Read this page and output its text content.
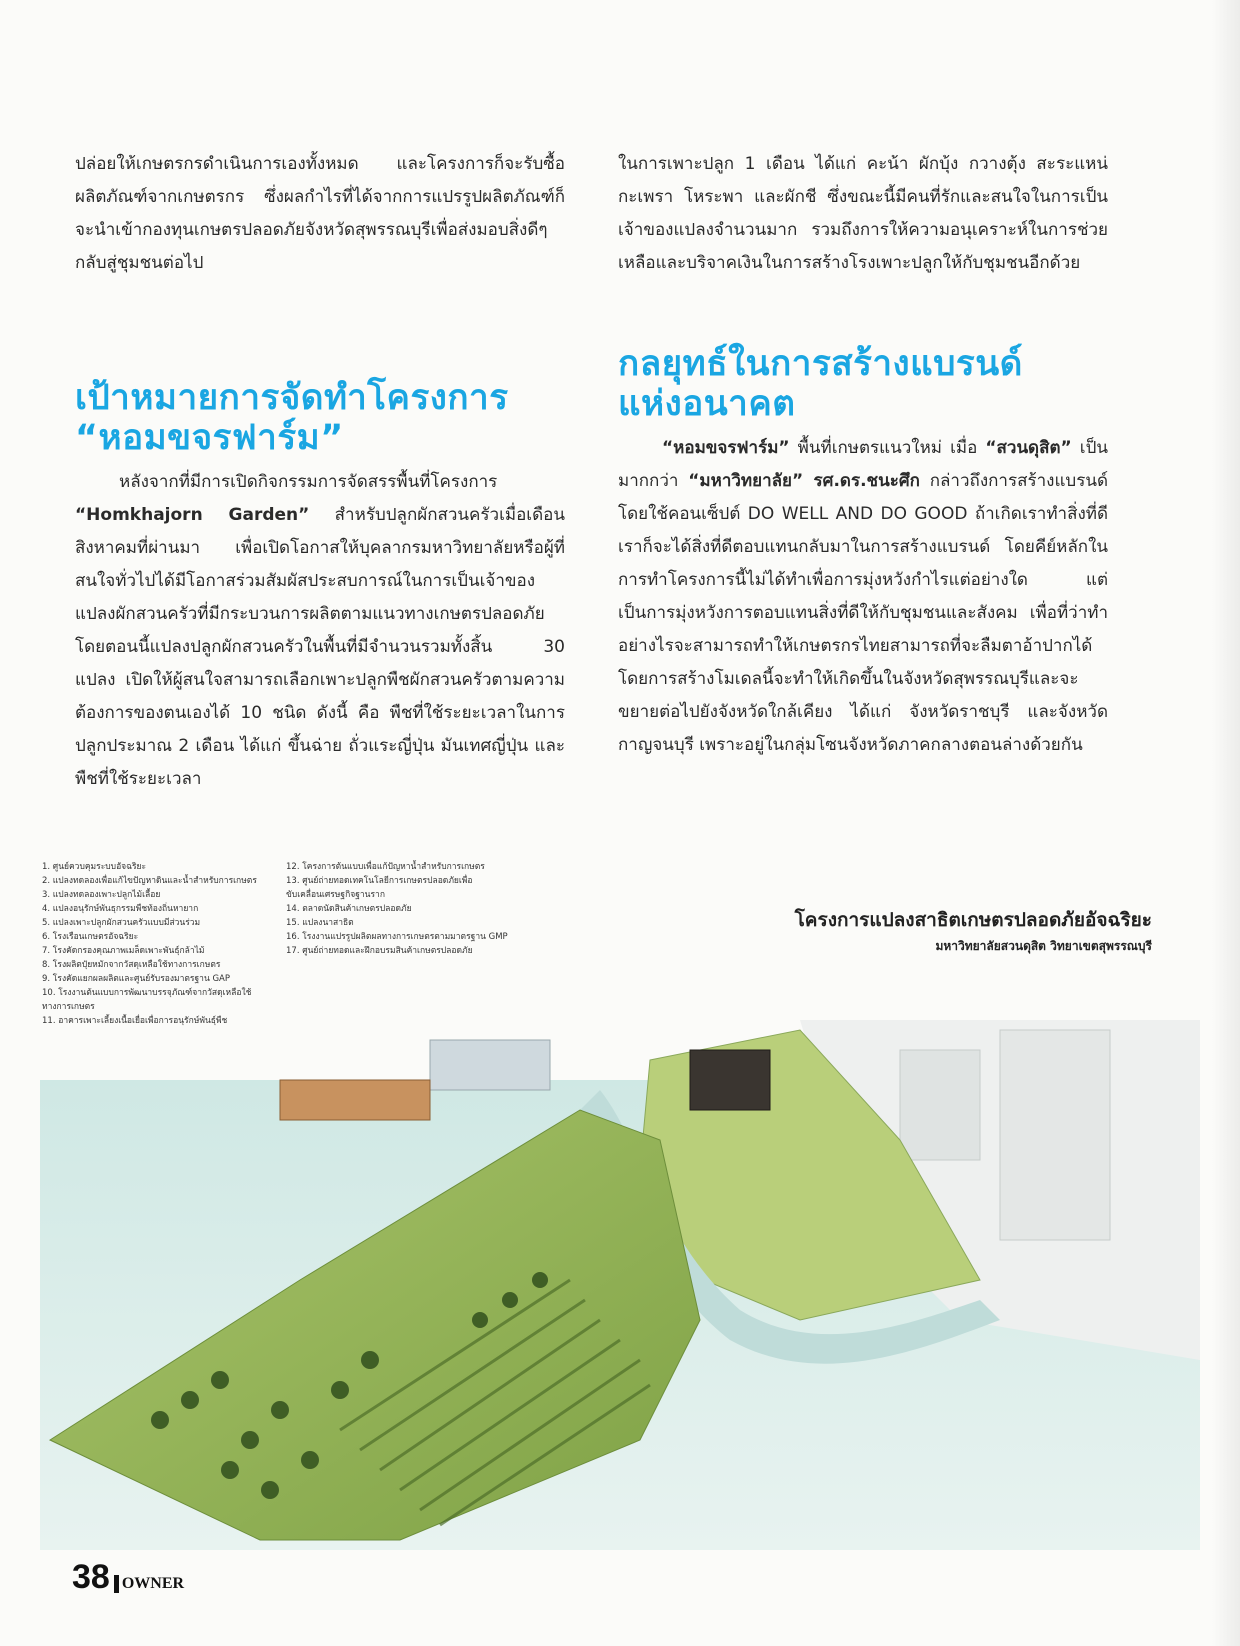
ปล่อยให้เกษตรกรดำเนินการเองทั้งหมด และโครงการก็จะรับซื้อผลิตภัณฑ์จากเกษตรกร ซึ่งผลกำไรที่ได้จากการแปรรูปผลิตภัณฑ์ก็จะนำเข้ากองทุนเกษตรปลอดภัยจังหวัดสุพรรณบุรีเพื่อส่งมอบสิ่งดีๆ กลับสู่ชุมชนต่อไป

เป้าหมายการจัดทำโครงการ
“หอมขจรฟาร์ม”

หลังจากที่มีการเปิดกิจกรรมการจัดสรรพื้นที่โครงการ “Homkhajorn Garden” สำหรับปลูกผักสวนครัวเมื่อเดือนสิงหาคมที่ผ่านมา เพื่อเปิดโอกาสให้บุคลากรมหาวิทยาลัยหรือผู้ที่สนใจทั่วไปได้มีโอกาสร่วมสัมผัสประสบการณ์ในการเป็นเจ้าของแปลงผักสวนครัวที่มีกระบวนการผลิตตามแนวทางเกษตรปลอดภัย โดยตอนนี้แปลงปลูกผักสวนครัวในพื้นที่มีจำนวนรวมทั้งสิ้น 30 แปลง เปิดให้ผู้สนใจสามารถเลือกเพาะปลูกพืชผักสวนครัวตามความต้องการของตนเองได้ 10 ชนิด ดังนี้ คือ พืชที่ใช้ระยะเวลาในการปลูกประมาณ 2 เดือน ได้แก่ ขึ้นฉ่าย ถั่วแระญี่ปุ่น มันเทศญี่ปุ่น และพืชที่ใช้ระยะเวลา

ในการเพาะปลูก 1 เดือน ได้แก่ คะน้า ผักบุ้ง กวางตุ้ง สะระแหน่ กะเพรา โหระพา และผักชี ซึ่งขณะนี้มีคนที่รักและสนใจในการเป็นเจ้าของแปลงจำนวนมาก รวมถึงการให้ความอนุเคราะห์ในการช่วยเหลือและบริจาคเงินในการสร้างโรงเพาะปลูกให้กับชุมชนอีกด้วย

กลยุทธ์ในการสร้างแบรนด์
แห่งอนาคต

“หอมขจรฟาร์ม” พื้นที่เกษตรแนวใหม่ เมื่อ “สวนดุสิต” เป็นมากกว่า “มหาวิทยาลัย” รศ.ดร.ชนะศึก กล่าวถึงการสร้างแบรนด์โดยใช้คอนเซ็ปต์ DO WELL AND DO GOOD ถ้าเกิดเราทำสิ่งที่ดีเราก็จะได้สิ่งที่ดีตอบแทนกลับมาในการสร้างแบรนด์ โดยคีย์หลักในการทำโครงการนี้ไม่ได้ทำเพื่อการมุ่งหวังกำไรแต่อย่างใด แต่เป็นการมุ่งหวังการตอบแทนสิ่งที่ดีให้กับชุมชนและสังคม เพื่อที่ว่าทำอย่างไรจะสามารถทำให้เกษตรกรไทยสามารถที่จะลืมตาอ้าปากได้ โดยการสร้างโมเดลนี้จะทำให้เกิดขึ้นในจังหวัดสุพรรณบุรีและจะขยายต่อไปยังจังหวัดใกล้เคียง ได้แก่ จังหวัดราชบุรี และจังหวัดกาญจนบุรี เพราะอยู่ในกลุ่มโซนจังหวัดภาคกลางตอนล่างด้วยกัน

1. ศูนย์ควบคุมระบบอัจฉริยะ
2. แปลงทดลองเพื่อแก้ไขปัญหาดินและน้ำสำหรับการเกษตร
3. แปลงทดลองเพาะปลูกไม้เลื้อย
4. แปลงอนุรักษ์พันธุกรรมพืชท้องถิ่นหายาก
5. แปลงเพาะปลูกผักสวนครัวแบบมีส่วนร่วม
6. โรงเรือนเกษตรอัจฉริยะ
7. โรงคัดกรองคุณภาพเมล็ดเพาะพันธุ์กล้าไม้
8. โรงผลิตปุ๋ยหมักจากวัสดุเหลือใช้ทางการเกษตร
9. โรงคัดแยกผลผลิตและศูนย์รับรองมาตรฐาน GAP
10. โรงงานต้นแบบการพัฒนาบรรจุภัณฑ์จากวัสดุเหลือใช้
ทางการเกษตร
11. อาคารเพาะเลี้ยงเนื้อเยื่อเพื่อการอนุรักษ์พันธุ์พืช
12. โครงการต้นแบบเพื่อแก้ปัญหาน้ำสำหรับการเกษตร
13. ศูนย์ถ่ายทอดเทคโนโลยีการเกษตรปลอดภัยเพื่อ
ขับเคลื่อนเศรษฐกิจฐานราก
14. ตลาดนัดสินค้าเกษตรปลอดภัย
15. แปลงนาสาธิต
16. โรงงานแปรรูปผลิตผลทางการเกษตรตามมาตรฐาน GMP
17. ศูนย์ถ่ายทอดและฝึกอบรมสินค้าเกษตรปลอดภัย
โครงการแปลงสาธิตเกษตรปลอดภัยอัจฉริยะ
มหาวิทยาลัยสวนดุสิต วิทยาเขตสุพรรณบุรี
38 OWNER
